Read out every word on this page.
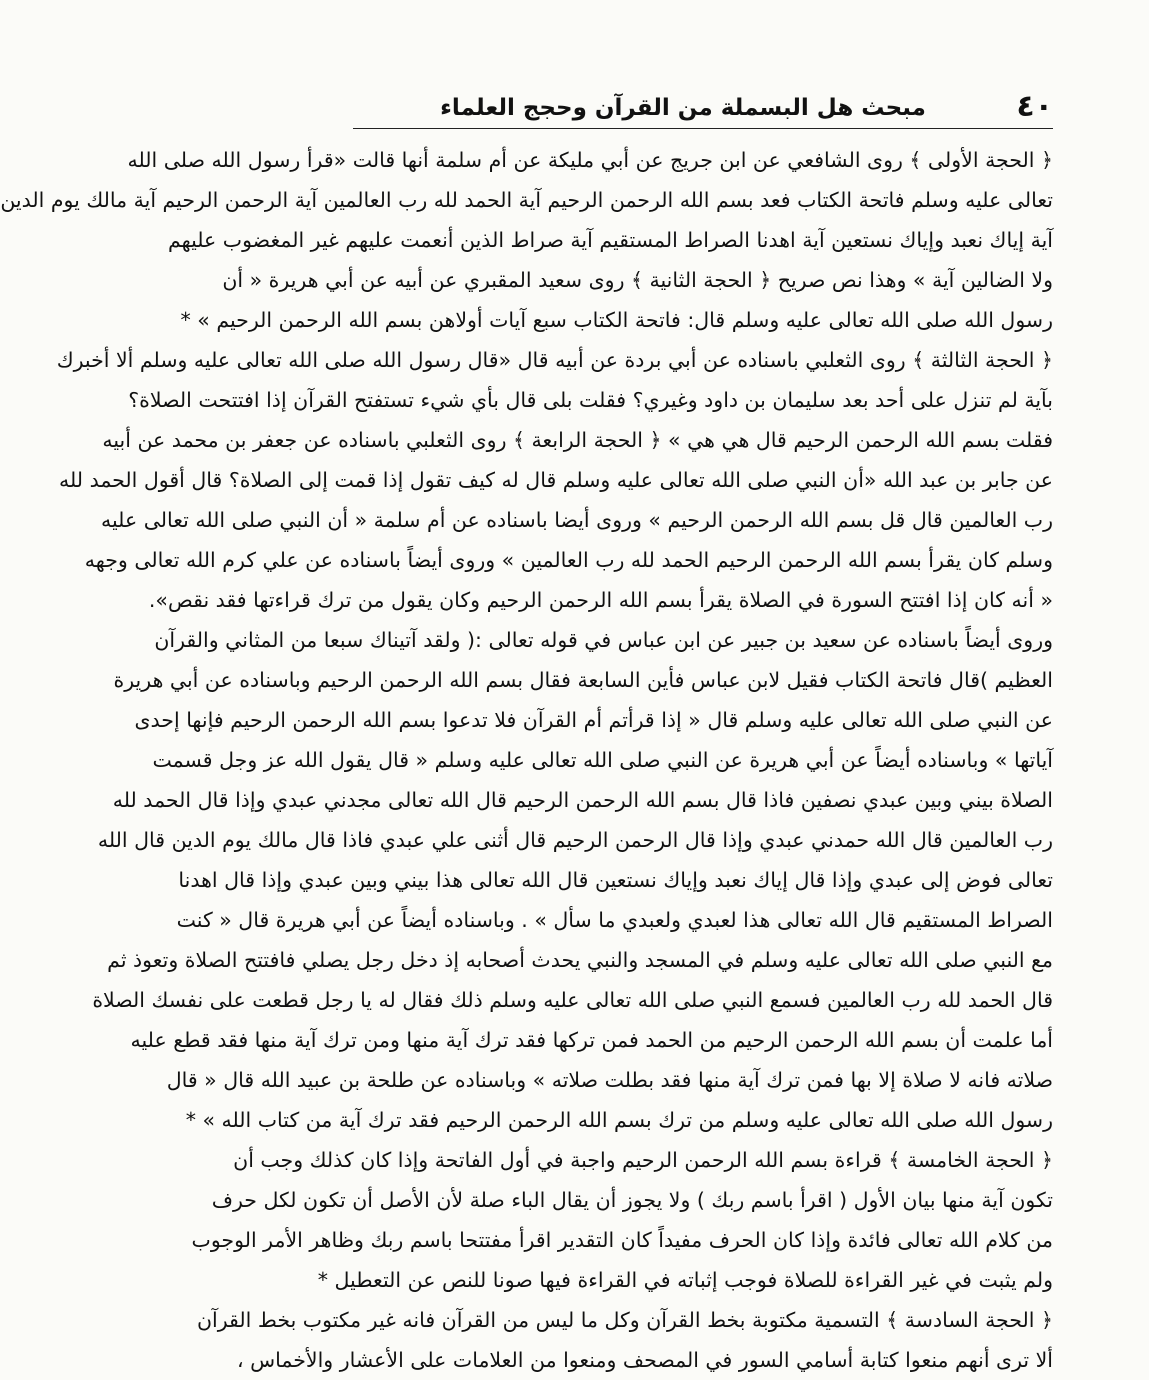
٤٠
مبحث هل البسملة من القرآن وحجج العلماء
﴿ الحجة الأولى ﴾ روى الشافعي عن ابن جريج عن أبي مليكة عن أم سلمة أنها قالت «قرأ رسول الله صلى الله
تعالى عليه وسلم فاتحة الكتاب فعد بسم الله الرحمن الرحيم آية الحمد لله رب العالمين آية الرحمن الرحيم آية مالك يوم الدين
آية إياك نعبد وإياك نستعين آية اهدنا الصراط المستقيم آية صراط الذين أنعمت عليهم غير المغضوب عليهم
ولا الضالين آية » وهذا نص صريح ﴿ الحجة الثانية ﴾ روى سعيد المقبري عن أبيه عن أبي هريرة « أن
رسول الله صلى الله تعالى عليه وسلم قال: فاتحة الكتاب سبع آيات أولاهن بسم الله الرحمن الرحيم » *
﴿ الحجة الثالثة ﴾ روى الثعلبي باسناده عن أبي بردة عن أبيه قال «قال رسول الله صلى الله تعالى عليه وسلم ألا أخبرك
بآية لم تنزل على أحد بعد سليمان بن داود وغيري؟ فقلت بلى قال بأي شيء تستفتح القرآن إذا افتتحت الصلاة؟
فقلت بسم الله الرحمن الرحيم قال هي هي » ﴿ الحجة الرابعة ﴾ روى الثعلبي باسناده عن جعفر بن محمد عن أبيه
عن جابر بن عبد الله «أن النبي صلى الله تعالى عليه وسلم قال له كيف تقول إذا قمت إلى الصلاة؟ قال أقول الحمد لله
رب العالمين قال قل بسم الله الرحمن الرحيم » وروى أيضا باسناده عن أم سلمة « أن النبي صلى الله تعالى عليه
وسلم كان يقرأ بسم الله الرحمن الرحيم الحمد لله رب العالمين » وروى أيضاً باسناده عن علي كرم الله تعالى وجهه
« أنه كان إذا افتتح السورة في الصلاة يقرأ بسم الله الرحمن الرحيم وكان يقول من ترك قراءتها فقد نقص».
وروى أيضاً باسناده عن سعيد بن جبير عن ابن عباس في قوله تعالى :( ولقد آتيناك سبعا من المثاني والقرآن
العظيم )قال فاتحة الكتاب فقيل لابن عباس فأين السابعة فقال بسم الله الرحمن الرحيم وباسناده عن أبي هريرة
عن النبي صلى الله تعالى عليه وسلم قال « إذا قرأتم أم القرآن فلا تدعوا بسم الله الرحمن الرحيم فإنها إحدى
آياتها » وباسناده أيضاً عن أبي هريرة عن النبي صلى الله تعالى عليه وسلم « قال يقول الله عز وجل قسمت
الصلاة بيني وبين عبدي نصفين فاذا قال بسم الله الرحمن الرحيم قال الله تعالى مجدني عبدي وإذا قال الحمد لله
رب العالمين قال الله حمدني عبدي وإذا قال الرحمن الرحيم قال أثنى علي عبدي فاذا قال مالك يوم الدين قال الله
تعالى فوض إلى عبدي وإذا قال إياك نعبد وإياك نستعين قال الله تعالى هذا بيني وبين عبدي وإذا قال اهدنا
الصراط المستقيم قال الله تعالى هذا لعبدي ولعبدي ما سأل » . وباسناده أيضاً عن أبي هريرة قال « كنت
مع النبي صلى الله تعالى عليه وسلم في المسجد والنبي يحدث أصحابه إذ دخل رجل يصلي فافتتح الصلاة وتعوذ ثم
قال الحمد لله رب العالمين فسمع النبي صلى الله تعالى عليه وسلم ذلك فقال له يا رجل قطعت على نفسك الصلاة
أما علمت أن بسم الله الرحمن الرحيم من الحمد فمن تركها فقد ترك آية منها ومن ترك آية منها فقد قطع عليه
صلاته فانه لا صلاة إلا بها فمن ترك آية منها فقد بطلت صلاته » وباسناده عن طلحة بن عبيد الله قال « قال
رسول الله صلى الله تعالى عليه وسلم من ترك بسم الله الرحمن الرحيم فقد ترك آية من كتاب الله » *
﴿ الحجة الخامسة ﴾ قراءة بسم الله الرحمن الرحيم واجبة في أول الفاتحة وإذا كان كذلك وجب أن
تكون آية منها بيان الأول ( اقرأ باسم ربك ) ولا يجوز أن يقال الباء صلة لأن الأصل أن تكون لكل حرف
من كلام الله تعالى فائدة وإذا كان الحرف مفيداً كان التقدير اقرأ مفتتحا باسم ربك وظاهر الأمر الوجوب
ولم يثبت في غير القراءة للصلاة فوجب إثباته في القراءة فيها صونا للنص عن التعطيل *
﴿ الحجة السادسة ﴾ التسمية مكتوبة بخط القرآن وكل ما ليس من القرآن فانه غير مكتوب بخط القرآن
ألا ترى أنهم منعوا كتابة أسامي السور في المصحف ومنعوا من العلامات على الأعشار والأخماس ،
